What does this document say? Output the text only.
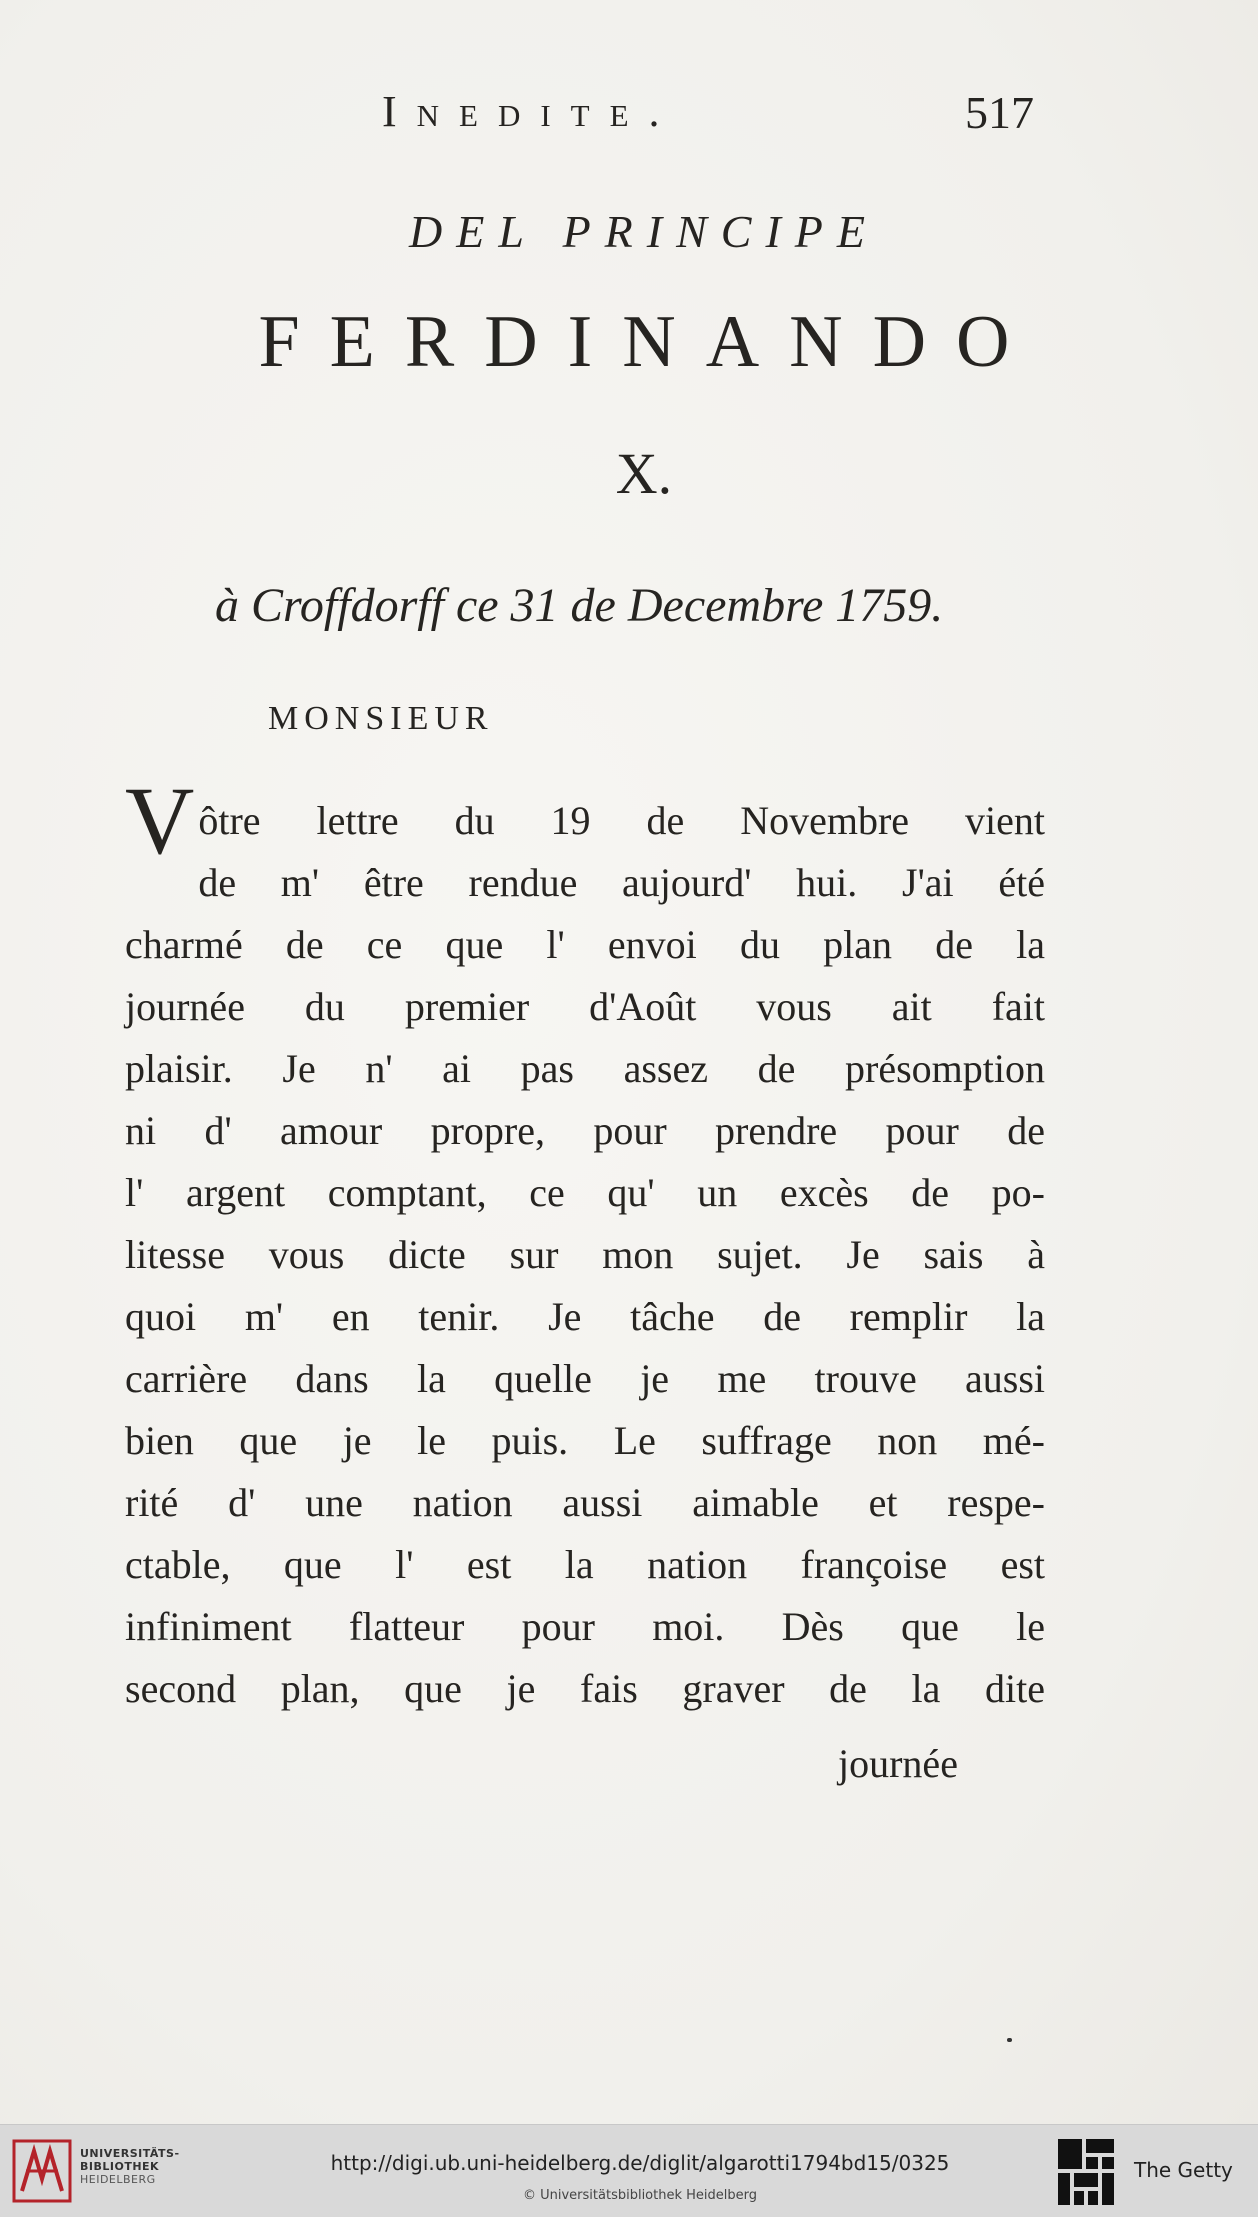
Inedite.	517
DEL PRINCIPE
FERDINANDO
X.
à Croffdorff ce 31 de Decembre 1759.
MONSIEUR
V ôtre lettre du 19 de Novembre vient
de m' être rendue aujourd' hui. J'ai été
charmé de ce que l' envoi du plan de la
journée du premier d'Août vous ait fait
plaisir. Je n' ai pas assez de présomption
ni d' amour propre, pour prendre pour de
l' argent comptant, ce qu' un excès de po-
litesse vous dicte sur mon sujet. Je sais à
quoi m' en tenir. Je tâche de remplir la
carrière dans la quelle je me trouve aussi
bien que je le puis. Le suffrage non mé-
rité d' une nation aussi aimable et respe-
ctable, que l' est la nation françoise est
infiniment flatteur pour moi. Dès que le
second plan, que je fais graver de la dite
journée
UNIVERSITÄTS-
BIBLIOTHEK
HEIDELBERG
http://digi.ub.uni-heidelberg.de/diglit/algarotti1794bd15/0325
© Universitätsbibliothek Heidelberg
The Getty
